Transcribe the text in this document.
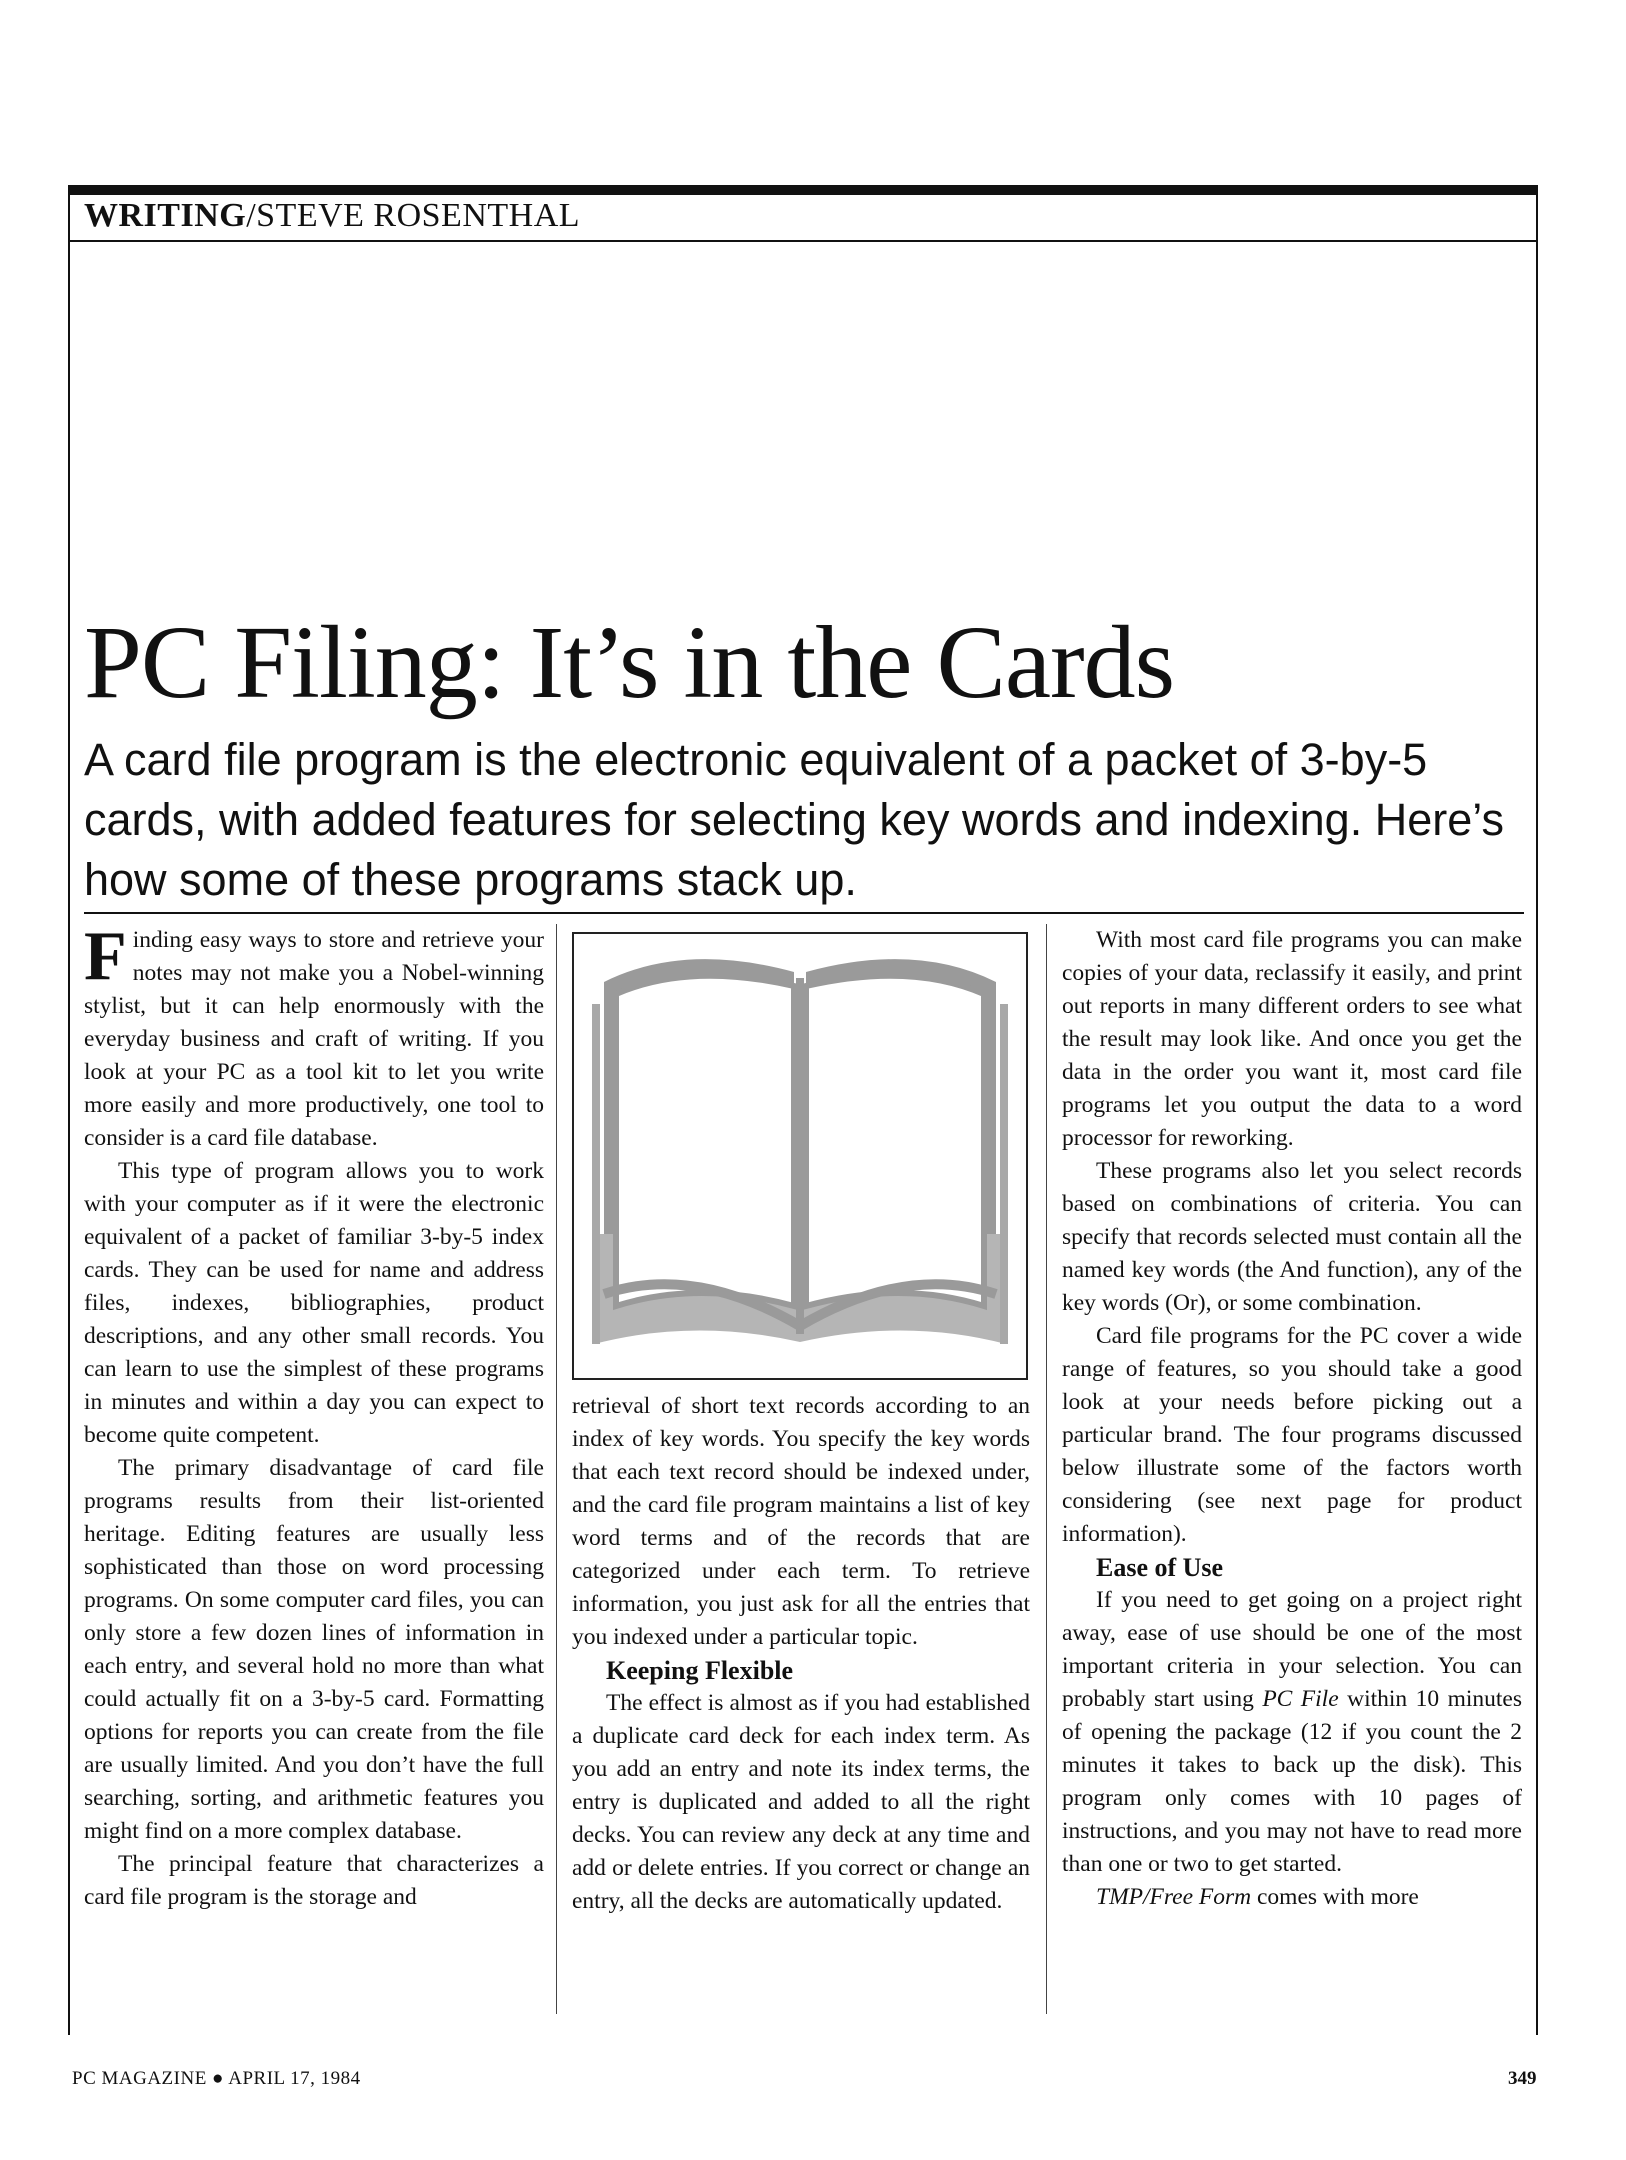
WRITING/STEVE ROSENTHAL
PC Filing: It’s in the Cards
A card file program is the electronic equivalent of a packet of 3-by-5 cards, with added features for selecting key words and indexing. Here’s how some of these programs stack up.

Finding easy ways to store and retrieve your notes may not make you a Nobel-winning stylist, but it can help enormously with the everyday business and craft of writing. If you look at your PC as a tool kit to let you write more easily and more productively, one tool to consider is a card file database.

This type of program allows you to work with your computer as if it were the electronic equivalent of a packet of familiar 3-by-5 index cards. They can be used for name and address files, indexes, bibliographies, product descriptions, and any other small records. You can learn to use the simplest of these programs in minutes and within a day you can expect to become quite competent.

The primary disadvantage of card file programs results from their list-oriented heritage. Editing features are usually less sophisticated than those on word processing programs. On some computer card files, you can only store a few dozen lines of information in each entry, and several hold no more than what could actually fit on a 3-by-5 card. Formatting options for reports you can create from the file are usually limited. And you don’t have the full searching, sorting, and arithmetic features you might find on a more complex database.

The principal feature that characterizes a card file program is the storage and

retrieval of short text records according to an index of key words. You specify the key words that each text record should be indexed under, and the card file program maintains a list of key word terms and of the records that are categorized under each term. To retrieve information, you just ask for all the entries that you indexed under a particular topic.

Keeping Flexible

The effect is almost as if you had established a duplicate card deck for each index term. As you add an entry and note its index terms, the entry is duplicated and added to all the right decks. You can review any deck at any time and add or delete entries. If you correct or change an entry, all the decks are automatically updated.

With most card file programs you can make copies of your data, reclassify it easily, and print out reports in many different orders to see what the result may look like. And once you get the data in the order you want it, most card file programs let you output the data to a word processor for reworking.

These programs also let you select records based on combinations of criteria. You can specify that records selected must contain all the named key words (the And function), any of the key words (Or), or some combination.

Card file programs for the PC cover a wide range of features, so you should take a good look at your needs before picking out a particular brand. The four programs discussed below illustrate some of the factors worth considering (see next page for product information).

Ease of Use

If you need to get going on a project right away, ease of use should be one of the most important criteria in your selection. You can probably start using PC File within 10 minutes of opening the package (12 if you count the 2 minutes it takes to back up the disk). This program only comes with 10 pages of instructions, and you may not have to read more than one or two to get started.

TMP/Free Form comes with more

PC MAGAZINE ● APRIL 17, 1984	349
